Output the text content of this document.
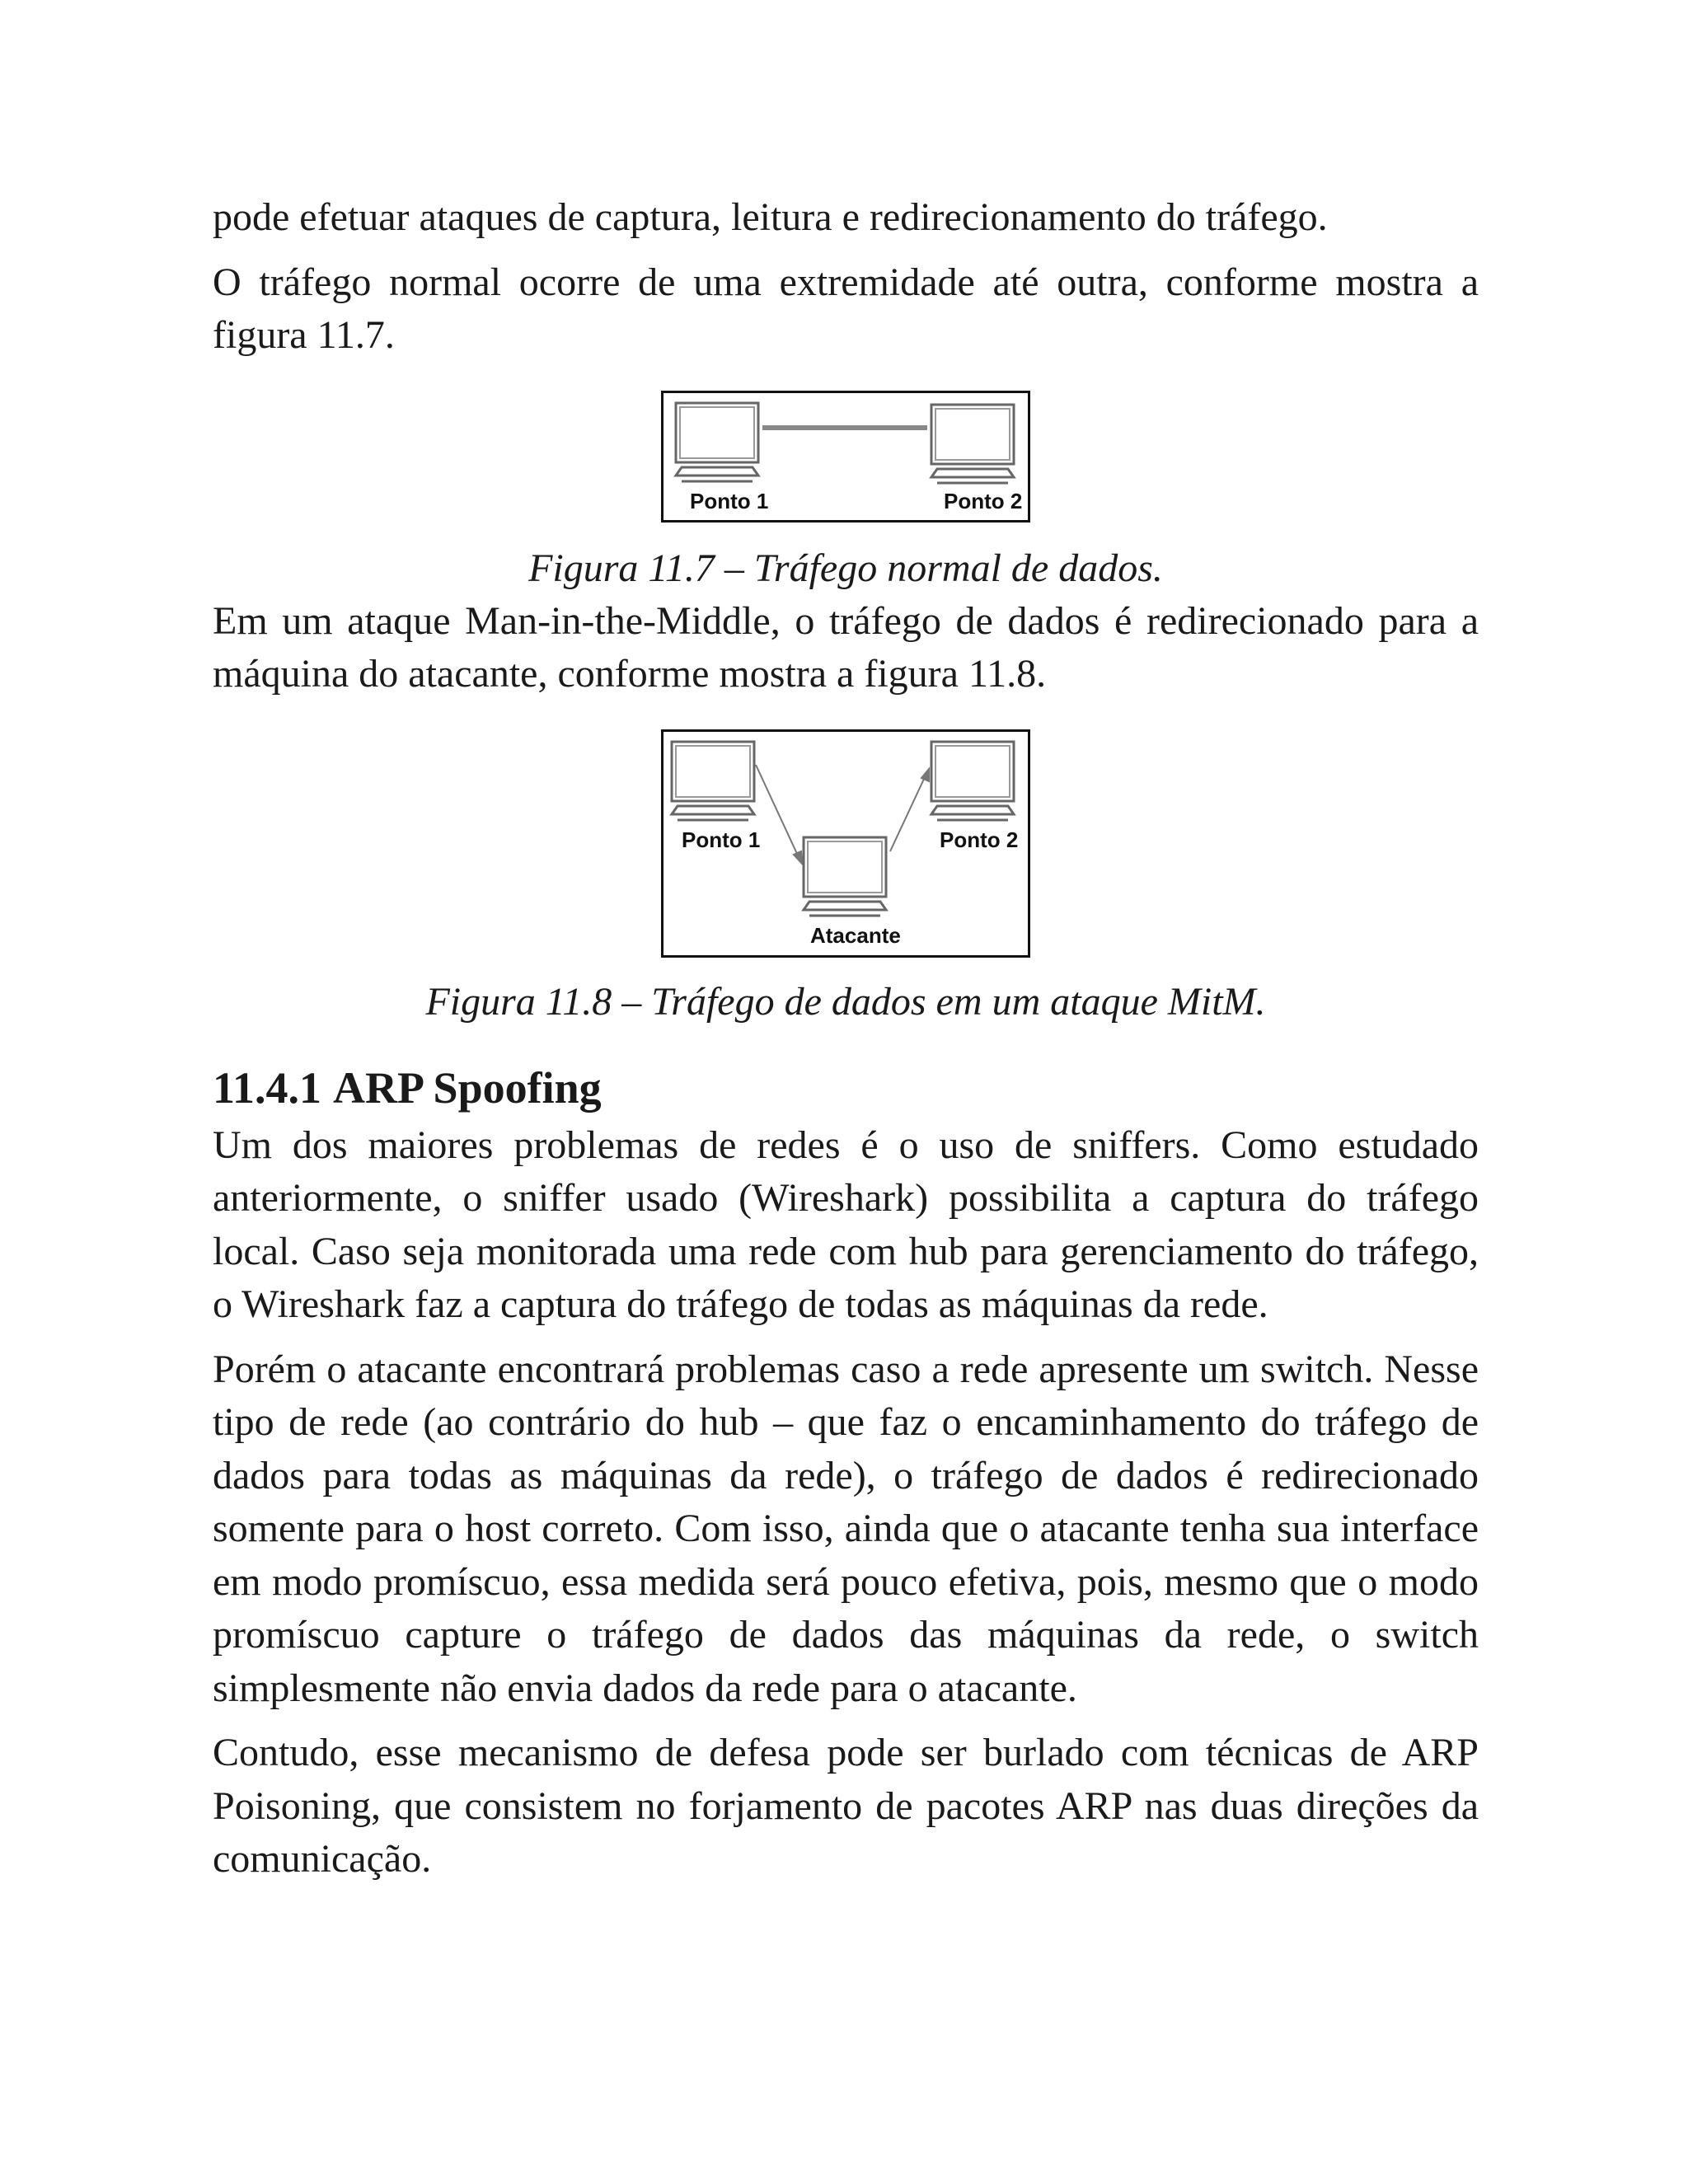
pode efetuar ataques de captura, leitura e redirecionamento do tráfego.

O tráfego normal ocorre de uma extremidade até outra, conforme mostra a figura 11.7.

Ponto 1	Ponto 2
Figura 11.7 – Tráfego normal de dados.

Em um ataque Man-in-the-Middle, o tráfego de dados é redirecionado para a máquina do atacante, conforme mostra a figura 11.8.

Ponto 1	Ponto 2
Atacante
Figura 11.8 – Tráfego de dados em um ataque MitM.
11.4.1 ARP Spoofing

Um dos maiores problemas de redes é o uso de sniffers. Como estudado anteriormente, o sniffer usado (Wireshark) possibilita a captura do tráfego local. Caso seja monitorada uma rede com hub para gerenciamento do tráfego, o Wireshark faz a captura do tráfego de todas as máquinas da rede.

Porém o atacante encontrará problemas caso a rede apresente um switch. Nesse tipo de rede (ao contrário do hub – que faz o encaminhamento do tráfego de dados para todas as máquinas da rede), o tráfego de dados é redirecionado somente para o host correto. Com isso, ainda que o atacante tenha sua interface em modo promíscuo, essa medida será pouco efetiva, pois, mesmo que o modo promíscuo capture o tráfego de dados das máquinas da rede, o switch simplesmente não envia dados da rede para o atacante.

Contudo, esse mecanismo de defesa pode ser burlado com técnicas de ARP Poisoning, que consistem no forjamento de pacotes ARP nas duas direções da comunicação.
